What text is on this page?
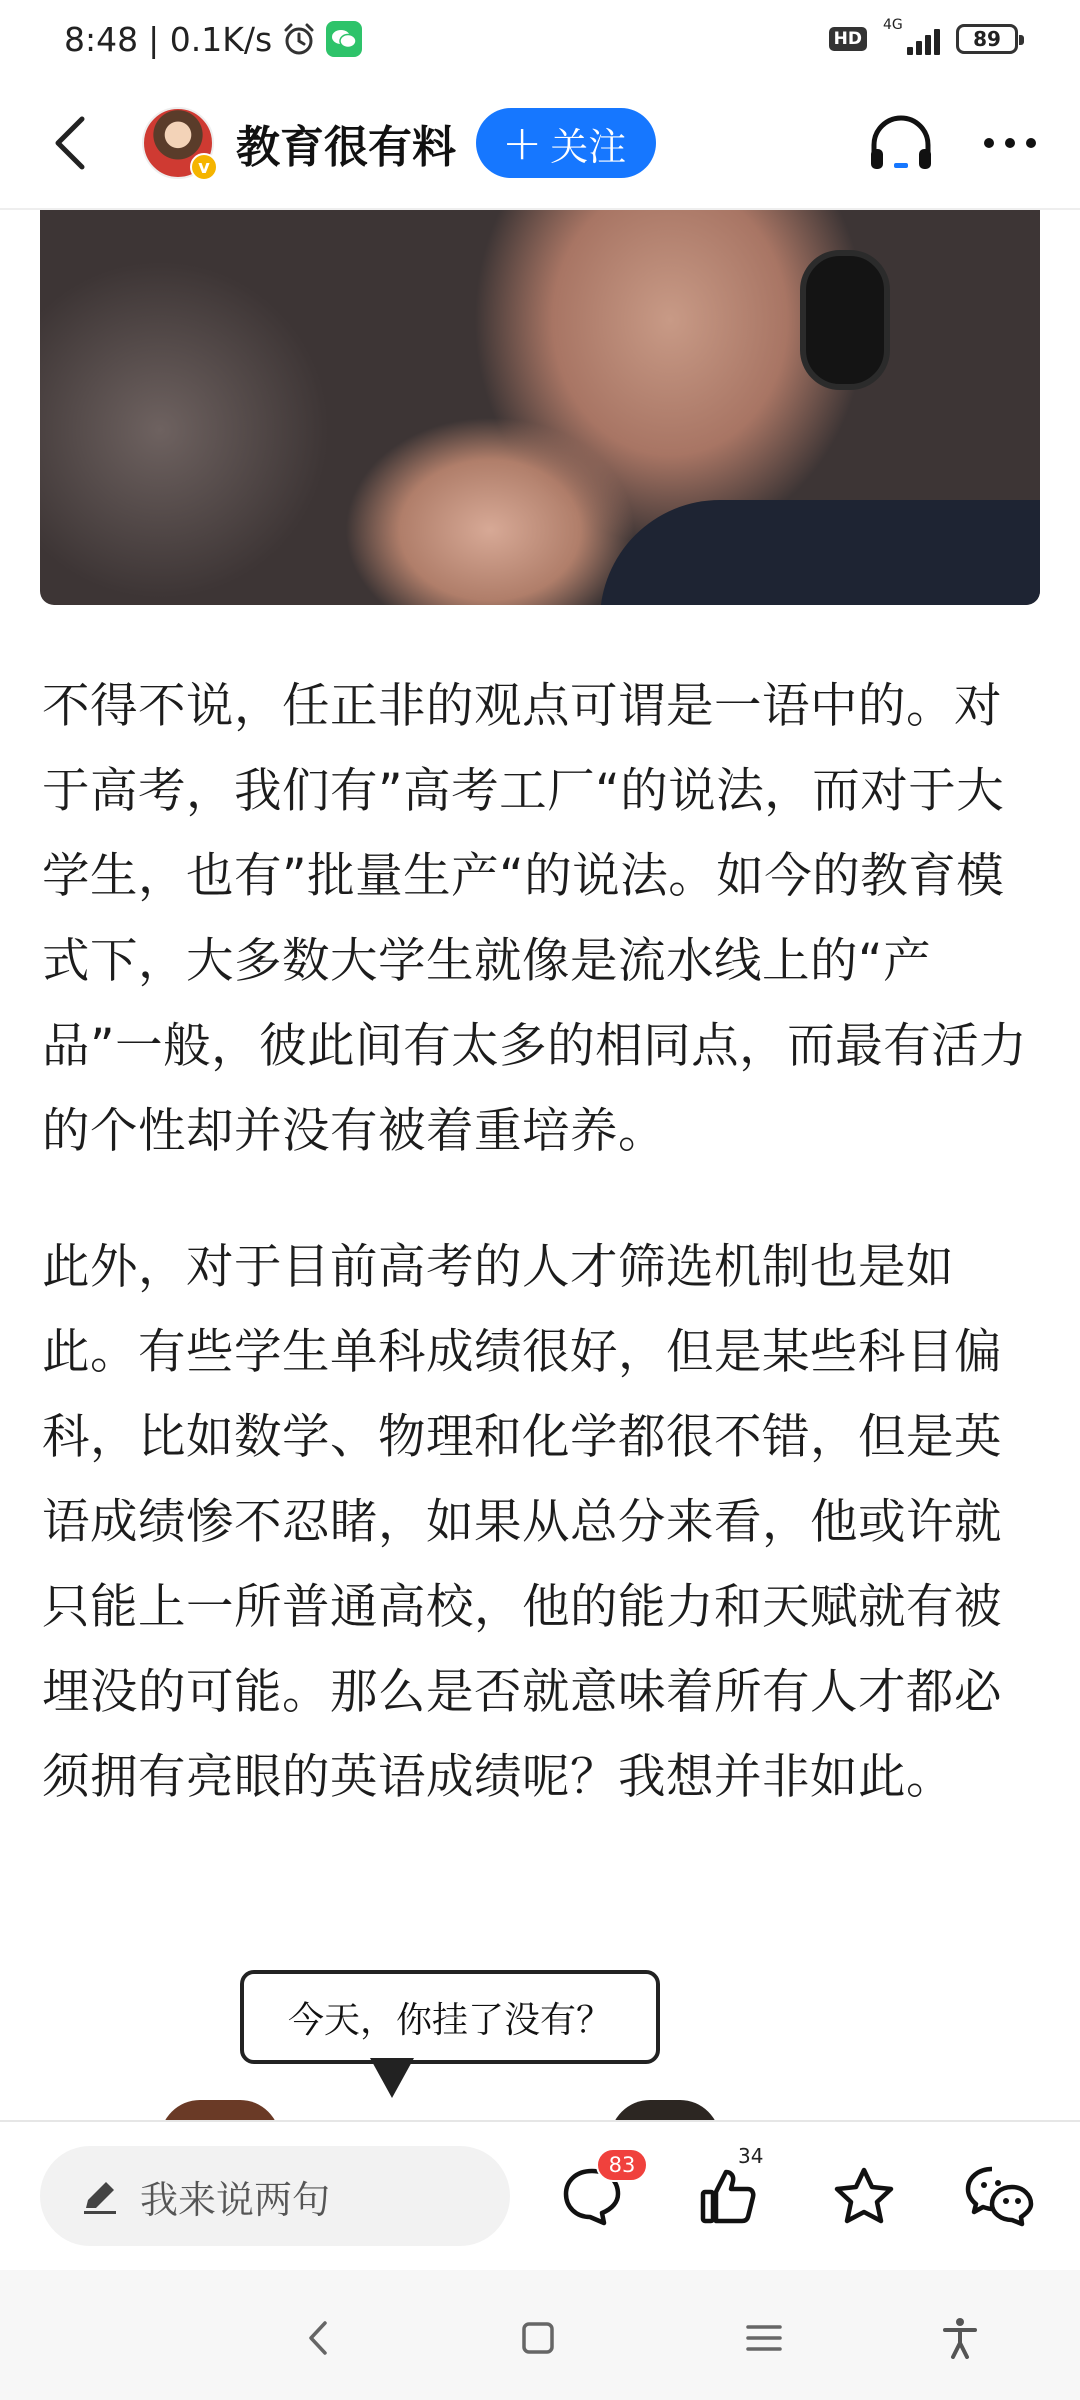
8:48 | 0.1K/s	HD
4G
89
v 教育很有料 + 关注

不得不说，任正非的观点可谓是一语中的。对于高考，我们有”高考工厂“的说法，而对于大学生，也有”批量生产“的说法。如今的教育模式下，大多数大学生就像是流水线上的“产品”一般，彼此间有太多的相同点，而最有活力的个性却并没有被着重培养。

此外，对于目前高考的人才筛选机制也是如此。有些学生单科成绩很好，但是某些科目偏科，比如数学、物理和化学都很不错，但是英语成绩惨不忍睹，如果从总分来看，他或许就只能上一所普通高校，他的能力和天赋就有被埋没的可能。那么是否就意味着所有人才都必须拥有亮眼的英语成绩呢？我想并非如此。

今天，你挂了没有？
我来说两句
83	34
